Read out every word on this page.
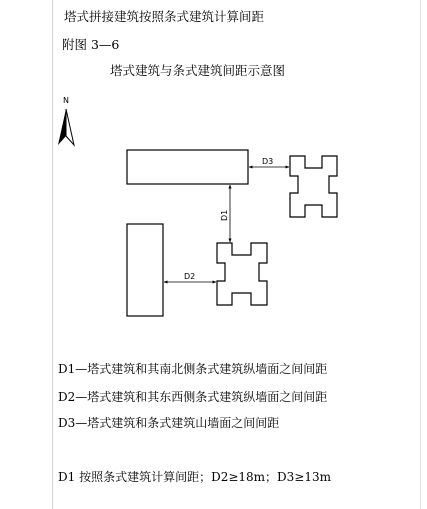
塔式拼接建筑按照条式建筑计算间距
附图 3—6
塔式建筑与条式建筑间距示意图
N
D3
D1
D2
D1—塔式建筑和其南北侧条式建筑纵墙面之间间距
D2—塔式建筑和其东西侧条式建筑纵墙面之间间距
D3—塔式建筑和条式建筑山墙面之间间距
D1 按照条式建筑计算间距；D2≥18m；D3≥13m
